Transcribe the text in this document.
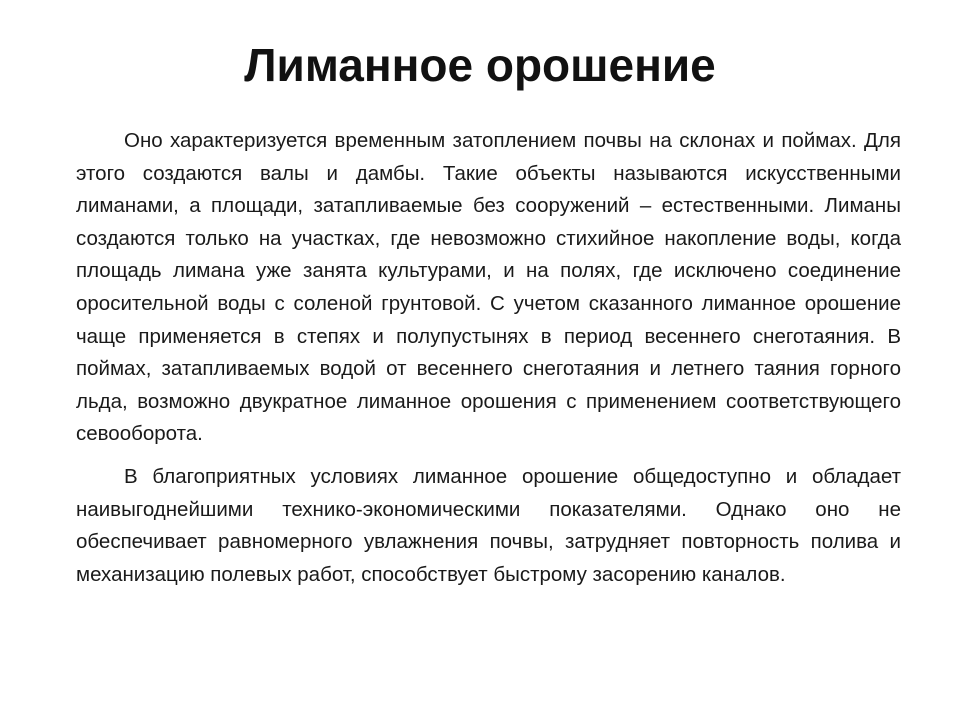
Лиманное орошение

Оно характеризуется временным затоплением почвы на склонах и поймах. Для этого создаются валы и дамбы. Такие объекты называются искусственными лиманами, а площади, затапливаемые без сооружений – естественными. Лиманы создаются только на участках, где невозможно стихийное накопление воды, когда площадь лимана уже занята культурами, и на полях, где исключено соединение оросительной воды с соленой грунтовой. С учетом сказанного лиманное орошение чаще применяется в степях и полупустынях в период весеннего снеготаяния. В поймах, затапливаемых водой от весеннего снеготаяния и летнего таяния горного льда, возможно двукратное лиманное орошения с применением соответствующего севооборота.

В благоприятных условиях лиманное орошение общедоступно и обладает наивыгоднейшими технико-экономическими показателями. Однако оно не обеспечивает равномерного увлажнения почвы, затрудняет повторность полива и механизацию полевых работ, способствует быстрому засорению каналов.
